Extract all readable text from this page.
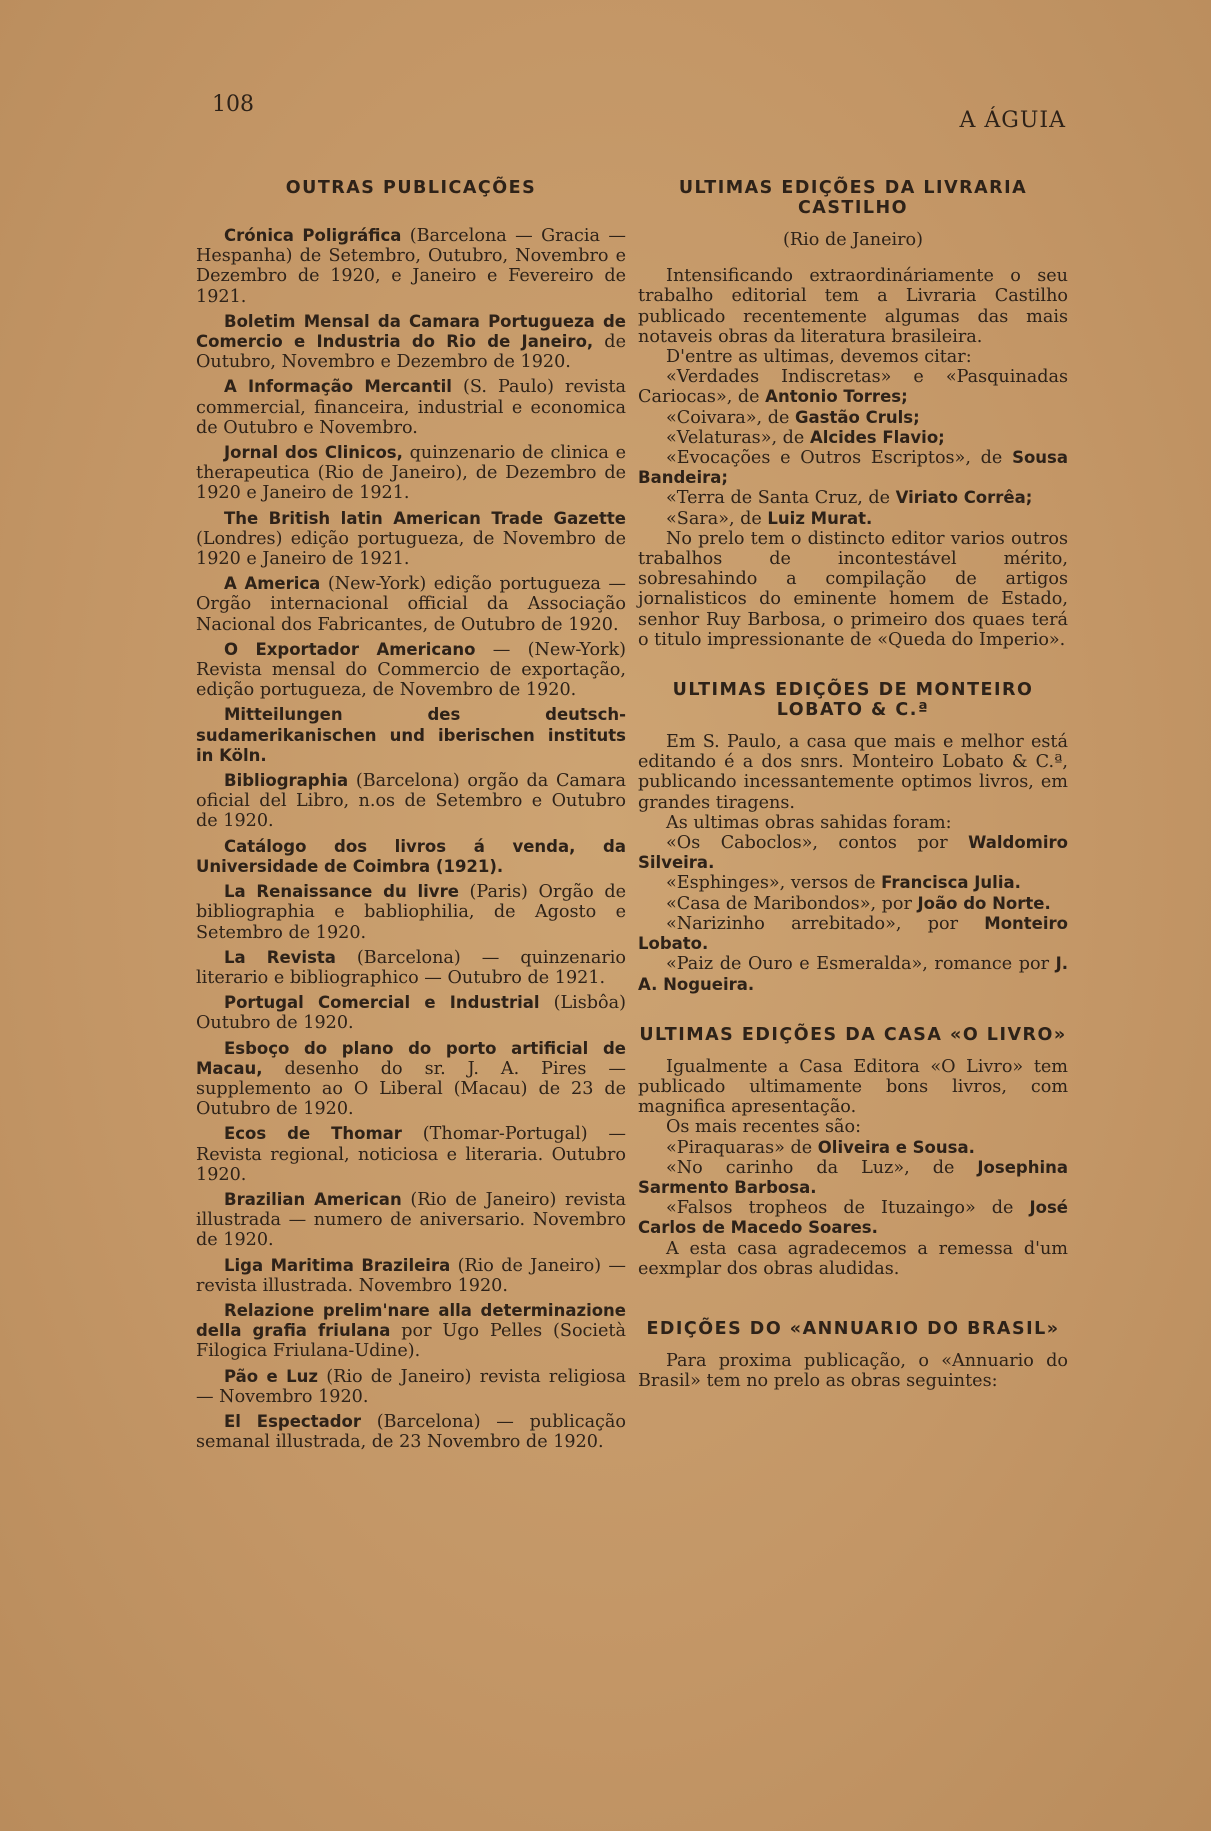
108
A ÁGUIA
OUTRAS PUBLICAÇÕES

Crónica Poligráfica (Barcelona — Gracia — Hespanha) de Setembro, Outubro, Novembro e Dezembro de 1920, e Janeiro e Fevereiro de 1921.

Boletim Mensal da Camara Portugueza de Comercio e Industria do Rio de Janeiro, de Outubro, Novembro e Dezembro de 1920.

A Informação Mercantil (S. Paulo) revista commercial, financeira, industrial e economica de Outubro e Novembro.

Jornal dos Clinicos, quinzenario de clinica e therapeutica (Rio de Janeiro), de Dezembro de 1920 e Janeiro de 1921.

The British latin American Trade Gazette (Londres) edição portugueza, de Novembro de 1920 e Janeiro de 1921.

A America (New-York) edição portugueza — Orgão internacional official da Associação Nacional dos Fabricantes, de Outubro de 1920.

O Exportador Americano — (New-York) Revista mensal do Commercio de exportação, edição portugueza, de Novembro de 1920.

Mitteilungen des deutsch-sudamerikanischen und iberischen instituts in Köln.

Bibliographia (Barcelona) orgão da Camara oficial del Libro, n.os de Setembro e Outubro de 1920.

Catálogo dos livros á venda, da Universidade de Coimbra (1921).

La Renaissance du livre (Paris) Orgão de bibliographia e babliophilia, de Agosto e Setembro de 1920.

La Revista (Barcelona) — quinzenario literario e bibliographico — Outubro de 1921.

Portugal Comercial e Industrial (Lisbôa) Outubro de 1920.

Esboço do plano do porto artificial de Macau, desenho do sr. J. A. Pires — supplemento ao O Liberal (Macau) de 23 de Outubro de 1920.

Ecos de Thomar (Thomar-Portugal) — Revista regional, noticiosa e literaria. Outubro 1920.

Brazilian American (Rio de Janeiro) revista illustrada — numero de aniversario. Novembro de 1920.

Liga Maritima Brazileira (Rio de Janeiro) — revista illustrada. Novembro 1920.

Relazione prelim'nare alla determinazione della grafia friulana por Ugo Pelles (Società Filogica Friulana-Udine).

Pão e Luz (Rio de Janeiro) revista religiosa — Novembro 1920.

El Espectador (Barcelona) — publicação semanal illustrada, de 23 Novembro de 1920.

ULTIMAS EDIÇÕES DA LIVRARIA CASTILHO
(Rio de Janeiro)

Intensificando extraordináriamente o seu trabalho editorial tem a Livraria Castilho publicado recentemente algumas das mais notaveis obras da literatura brasileira.

D'entre as ultimas, devemos citar:

«Verdades Indiscretas» e «Pasquinadas Cariocas», de Antonio Torres;

«Coivara», de Gastão Cruls;

«Velaturas», de Alcides Flavio;

«Evocações e Outros Escriptos», de Sousa Bandeira;

«Terra de Santa Cruz, de Viriato Corrêa;

«Sara», de Luiz Murat.

No prelo tem o distincto editor varios outros trabalhos de incontestável mérito, sobresahindo a compilação de artigos jornalisticos do eminente homem de Estado, senhor Ruy Barbosa, o primeiro dos quaes terá o titulo impressionante de «Queda do Imperio».

ULTIMAS EDIÇÕES DE MONTEIRO LOBATO & C.ª

Em S. Paulo, a casa que mais e melhor está editando é a dos snrs. Monteiro Lobato & C.ª, publicando incessantemente optimos livros, em grandes tiragens.

As ultimas obras sahidas foram:

«Os Caboclos», contos por Waldomiro Silveira.

«Esphinges», versos de Francisca Julia.

«Casa de Maribondos», por João do Norte.

«Narizinho arrebitado», por Monteiro Lobato.

«Paiz de Ouro e Esmeralda», romance por J. A. Nogueira.

ULTIMAS EDIÇÕES DA CASA «O LIVRO»

Igualmente a Casa Editora «O Livro» tem publicado ultimamente bons livros, com magnifica apresentação.

Os mais recentes são:

«Piraquaras» de Oliveira e Sousa.

«No carinho da Luz», de Josephina Sarmento Barbosa.

«Falsos tropheos de Ituzaingo» de José Carlos de Macedo Soares.

A esta casa agradecemos a remessa d'um eexmplar dos obras aludidas.

EDIÇÕES DO «ANNUARIO DO BRASIL»

Para proxima publicação, o «Annuario do Brasil» tem no prelo as obras seguintes:
